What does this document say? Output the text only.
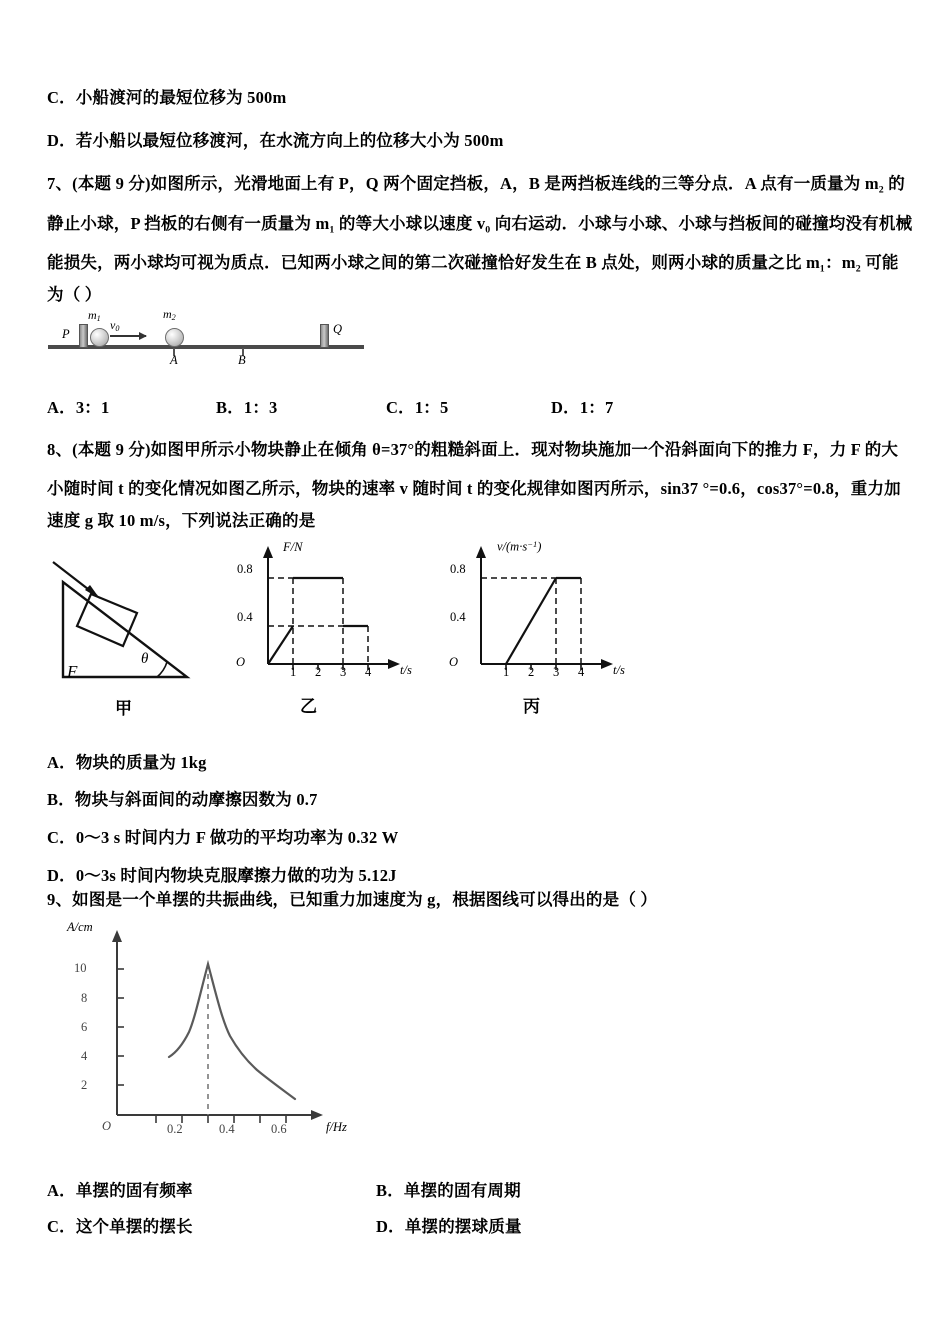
C．小船渡河的最短位移为 500m
D．若小船以最短位移渡河，在水流方向上的位移大小为 500m
7、(本题 9 分)如图所示，光滑地面上有 P，Q 两个固定挡板，A，B 是两挡板连线的三等分点．A 点有一质量为 m₂ 的
静止小球，P 挡板的右侧有一质量为 m₁ 的等大小球以速度 v₀ 向右运动．小球与小球、小球与挡板间的碰撞均没有机械
能损失，两小球均可视为质点．已知两小球之间的第二次碰撞恰好发生在 B 点处，则两小球的质量之比 m₁：m₂ 可能
为（ ）
P	Q
$m_1$	$m_2$
$v_0$
A	B
A．3：1	B．1：3	C．1：5	D．1：7
8、(本题 9 分)如图甲所示小物块静止在倾角 θ=37°的粗糙斜面上．现对物块施加一个沿斜面向下的推力 F，力 F 的大
小随时间 t 的变化情况如图乙所示，物块的速率 v 随时间 t 的变化规律如图丙所示，sin37 °=0.6，cos37°=0.8，重力加
速度 g 取 10 m/s，下列说法正确的是
F
θ
甲
F/N
t/s
O
0.8
0.4
1 2 3 4
乙
$v/(m\cdot s^{-1})$
t/s
O
0.8
0.4
1 2 3 4
丙
A．物块的质量为 1kg
B．物块与斜面间的动摩擦因数为 0.7
C．0～3 s 时间内力 F 做功的平均功率为 0.32 W
D．0～3s 时间内物块克服摩擦力做的功为 5.12J
9、如图是一个单摆的共振曲线，已知重力加速度为 g，根据图线可以得出的是（ ）
A/cm
f/Hz
O
2
4
6
8
10
0.2	0.4	0.6
A．单摆的固有频率	B．单摆的固有周期
C．这个单摆的摆长	D．单摆的摆球质量
